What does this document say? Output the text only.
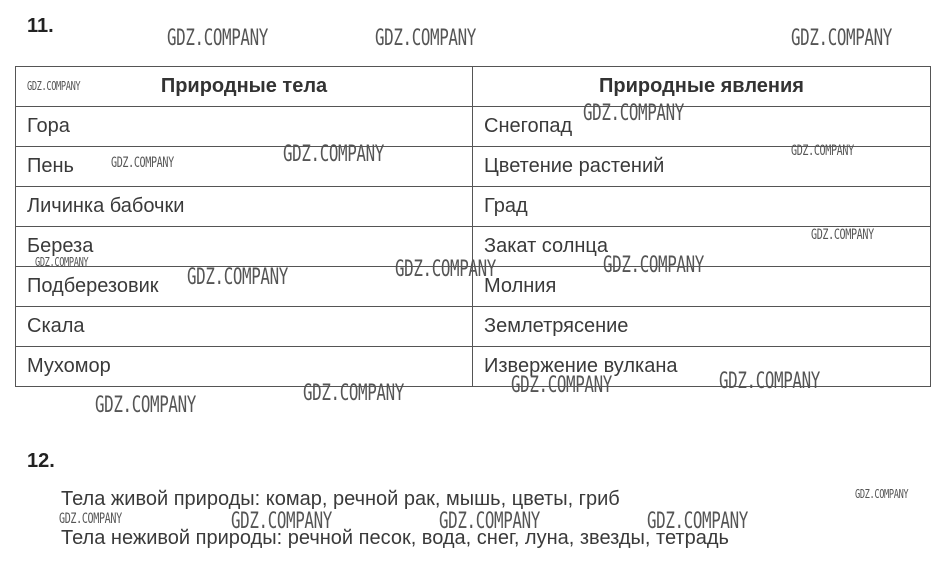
11.
Природные тела	Природные явления
Гора	Снегопад
Пень	Цветение растений
Личинка бабочки	Град
Береза	Закат солнца
Подберезовик	Молния
Скала	Землетрясение
Мухомор	Извержение вулкана
12.
Тела живой природы: комар, речной рак, мышь, цветы, гриб
Тела неживой природы: речной песок, вода, снег, луна, звезды, тетрадь
GDZ.COMPANY	GDZ.COMPANY	GDZ.COMPANY
GDZ.COMPANY
GDZ.COMPANY
GDZ.COMPANY
GDZ.COMPANY
GDZ.COMPANY
GDZ.COMPANY
GDZ.COMPANY	GDZ.COMPANY	GDZ.COMPANY
GDZ.COMPANY
GDZ.COMPANY	GDZ.COMPANY
GDZ.COMPANY
GDZ.COMPANY
GDZ.COMPANY
GDZ.COMPANY	GDZ.COMPANY	GDZ.COMPANY	GDZ.COMPANY
